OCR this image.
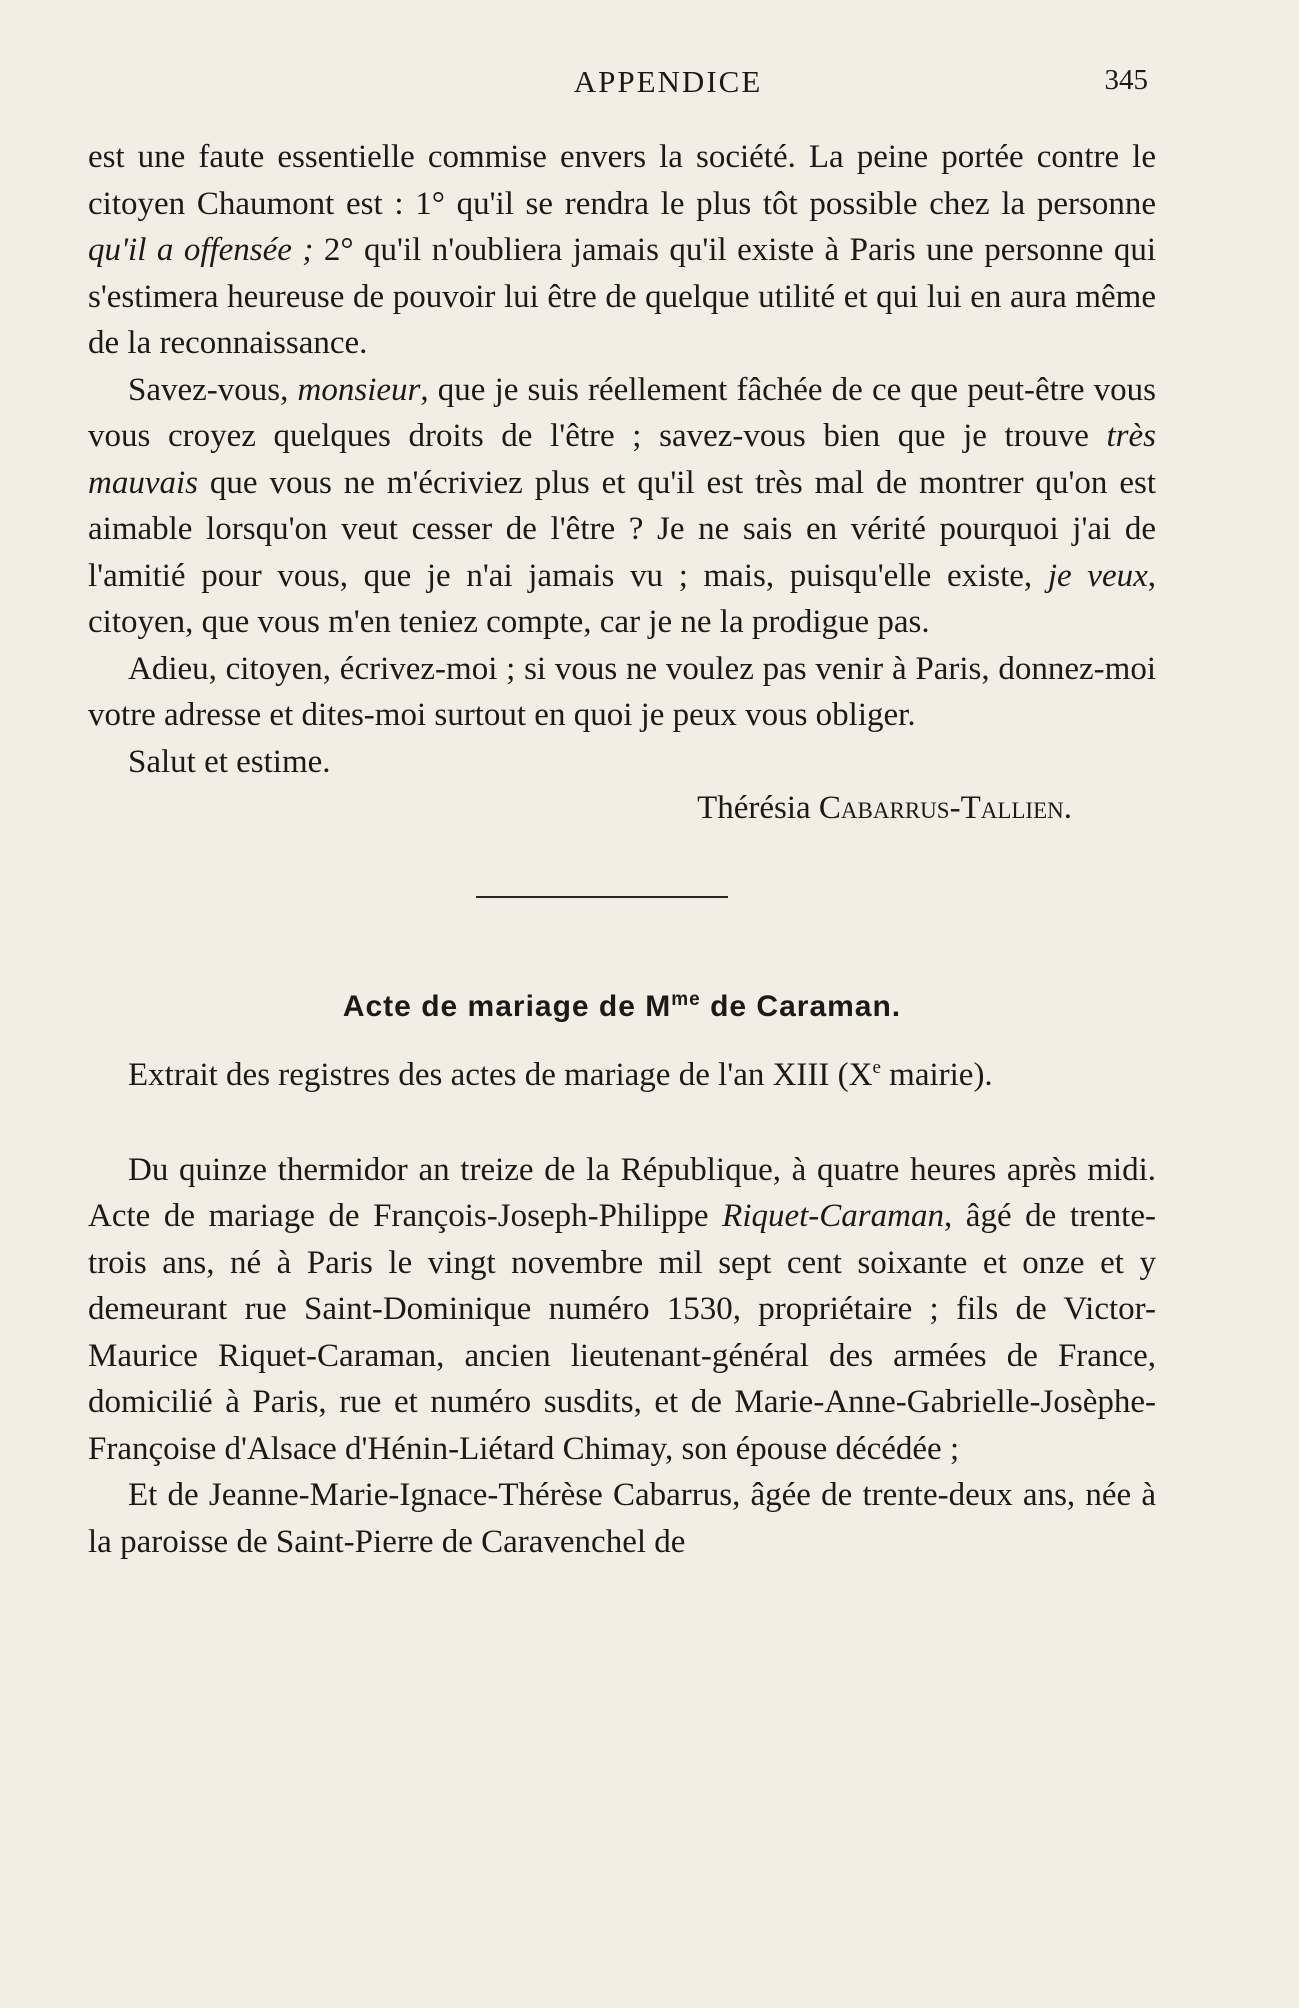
APPENDICE	345

est une faute essentielle commise envers la société. La peine portée contre le citoyen Chaumont est : 1° qu'il se rendra le plus tôt possible chez la personne qu'il a offensée ; 2° qu'il n'oubliera jamais qu'il existe à Paris une personne qui s'estimera heureuse de pouvoir lui être de quelque utilité et qui lui en aura même de la reconnaissance.

Savez-vous, monsieur, que je suis réellement fâchée de ce que peut-être vous vous croyez quelques droits de l'être ; savez-vous bien que je trouve très mauvais que vous ne m'écriviez plus et qu'il est très mal de montrer qu'on est aimable lorsqu'on veut cesser de l'être ? Je ne sais en vérité pourquoi j'ai de l'amitié pour vous, que je n'ai jamais vu ; mais, puisqu'elle existe, je veux, citoyen, que vous m'en teniez compte, car je ne la prodigue pas.

Adieu, citoyen, écrivez-moi ; si vous ne voulez pas venir à Paris, donnez-moi votre adresse et dites-moi surtout en quoi je peux vous obliger.

Salut et estime.

Thérésia Cabarrus-Tallien.

Acte de mariage de $M^{me}$ de Caraman.

Extrait des registres des actes de mariage de l'an XIII (Xe mairie).

Du quinze thermidor an treize de la République, à quatre heures après midi. Acte de mariage de François-Joseph-Philippe Riquet-Caraman, âgé de trente-trois ans, né à Paris le vingt novembre mil sept cent soixante et onze et y demeurant rue Saint-Dominique numéro 1530, propriétaire ; fils de Victor-Maurice Riquet-Caraman, ancien lieutenant-général des armées de France, domicilié à Paris, rue et numéro susdits, et de Marie-Anne-Gabrielle-Josèphe-Françoise d'Alsace d'Hénin-Liétard Chimay, son épouse décédée ;

Et de Jeanne-Marie-Ignace-Thérèse Cabarrus, âgée de trente-deux ans, née à la paroisse de Saint-Pierre de Caravenchel de
